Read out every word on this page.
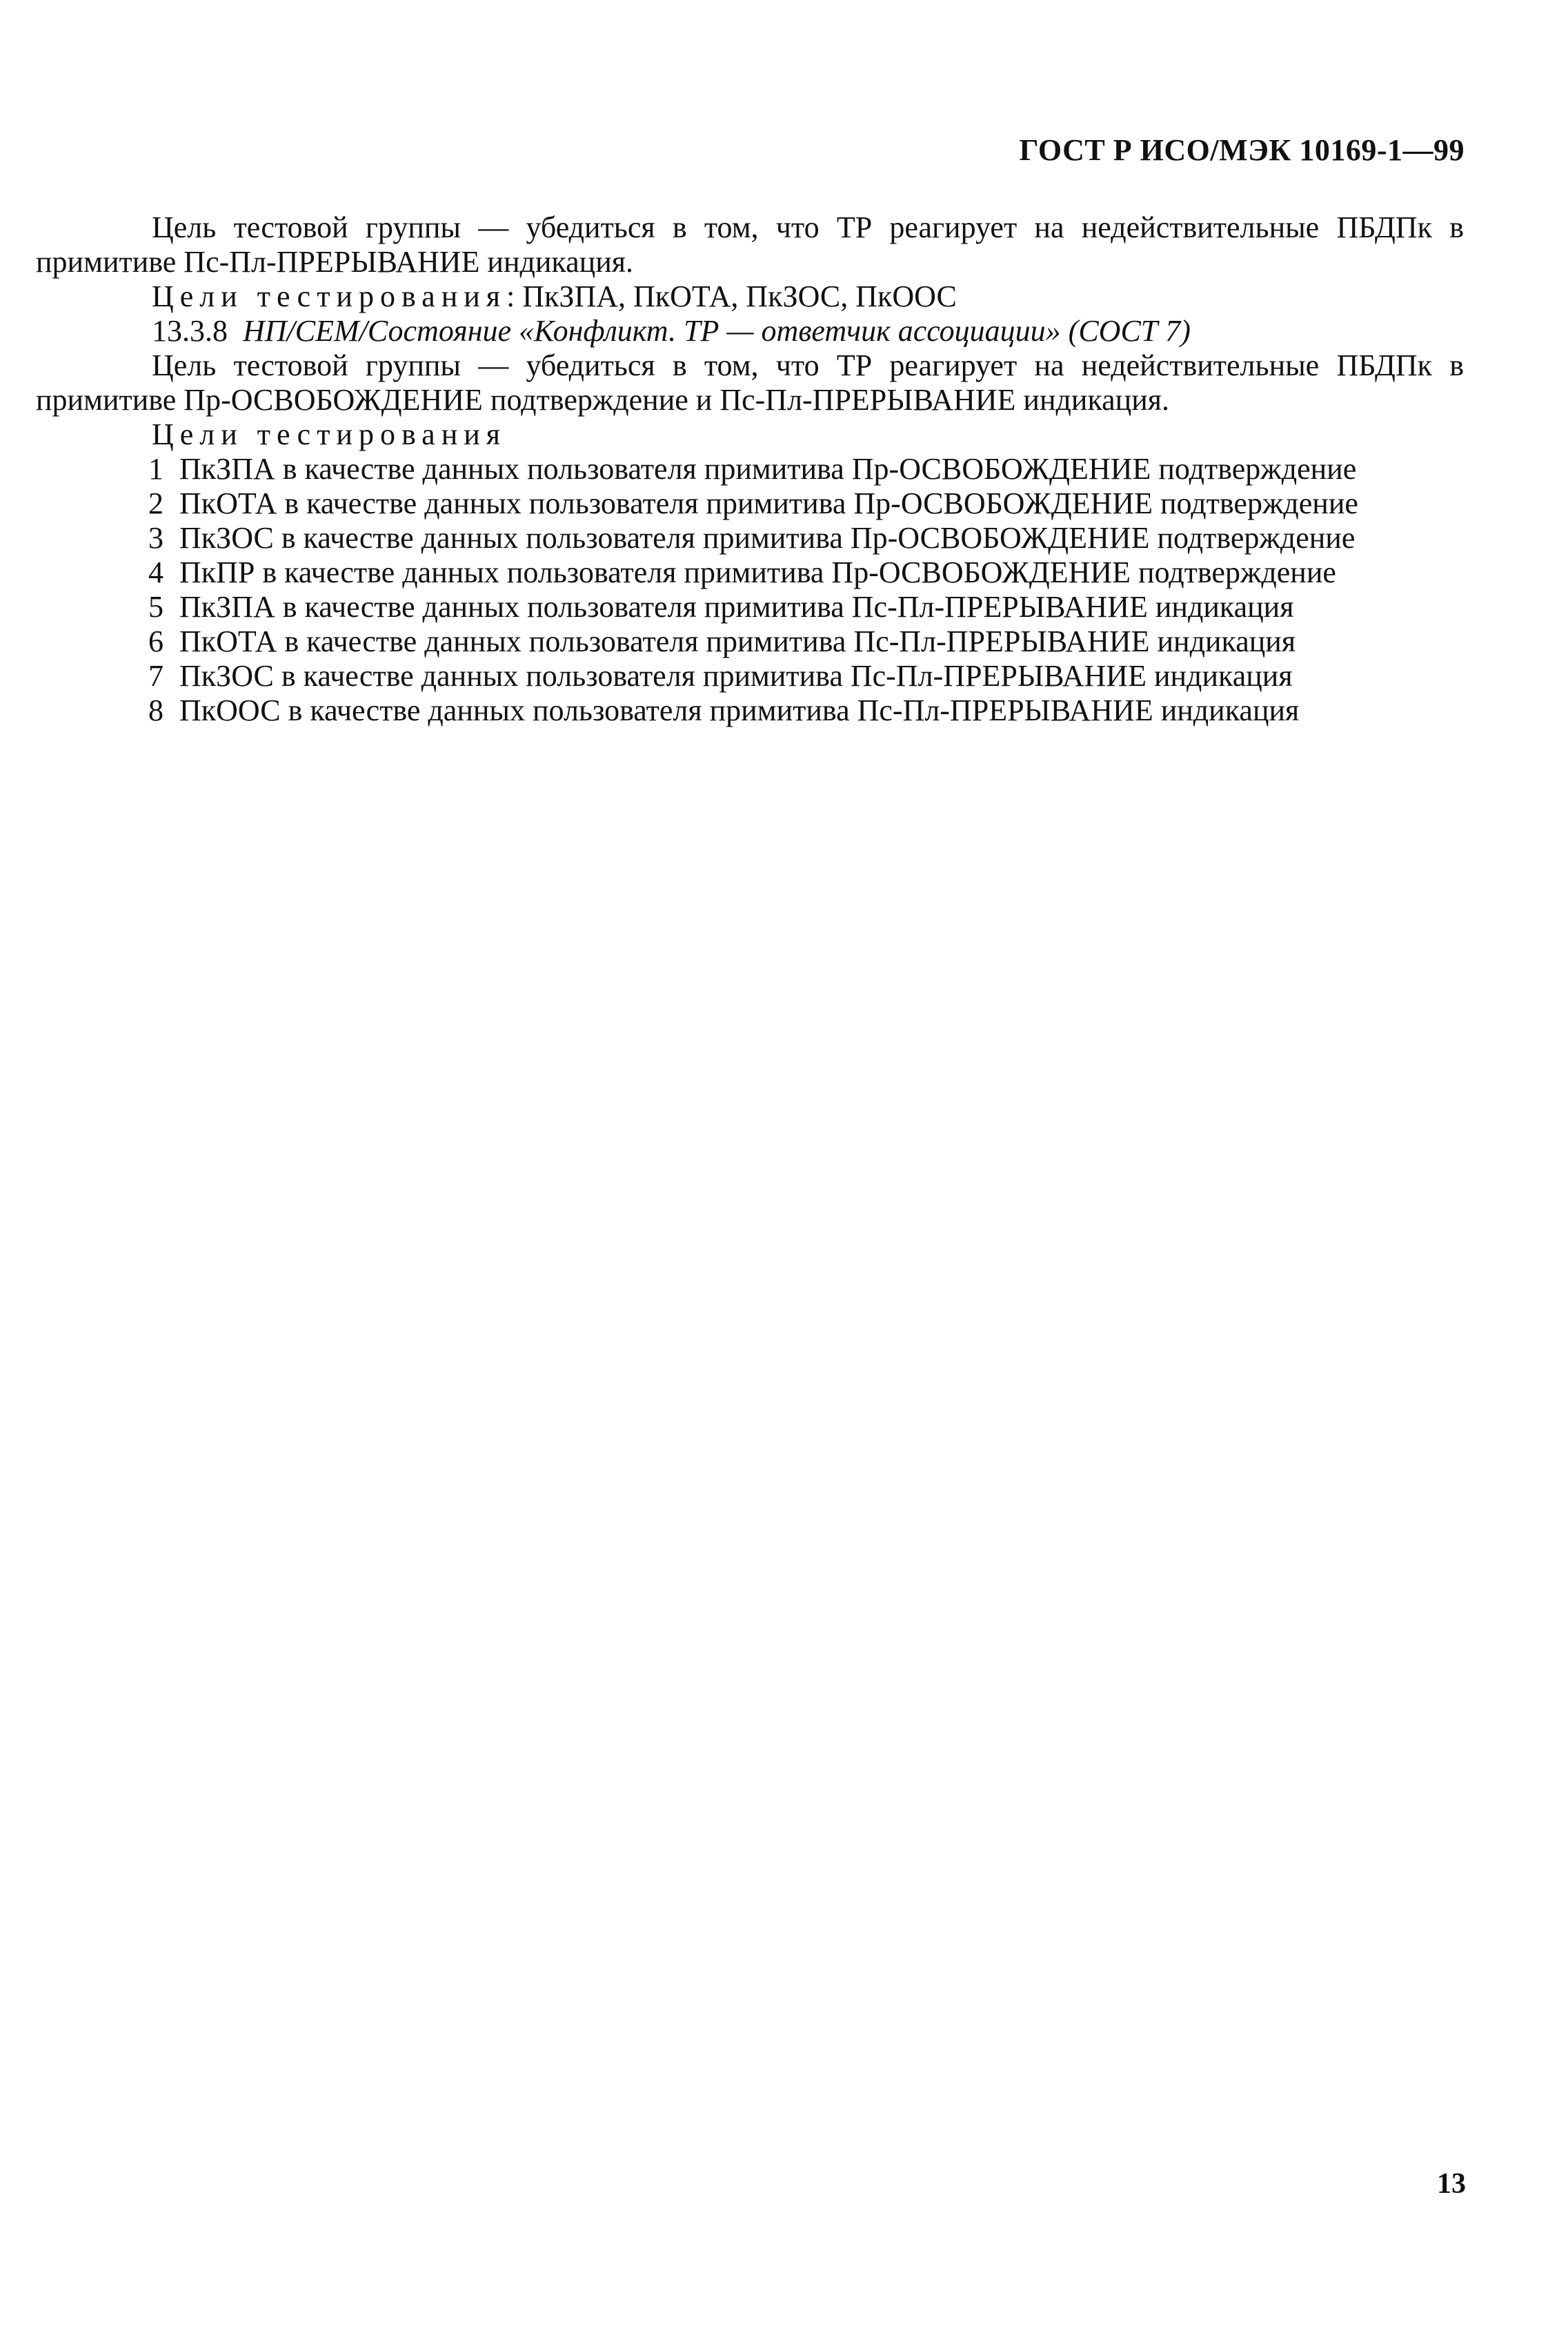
ГОСТ Р ИСО/МЭК 10169-1—99

Цель тестовой группы — убедиться в том, что ТР реагирует на недействительные ПБДПк в примитиве Пс-Пл-ПРЕРЫВАНИЕ индикация.

Цели тестирования: ПкЗПА, ПкОТА, ПкЗОС, ПкООС

13.3.8 НП/СЕМ/Состояние «Конфликт. ТР — ответчик ассоциации» (СОСТ 7)

Цель тестовой группы — убедиться в том, что ТР реагирует на недействительные ПБДПк в примитиве Пр-ОСВОБОЖДЕНИЕ подтверждение и Пс-Пл-ПРЕРЫВАНИЕ индикация.

Цели тестирования

1 ПкЗПА в качестве данных пользователя примитива Пр-ОСВОБОЖДЕНИЕ подтверждение
2 ПкОТА в качестве данных пользователя примитива Пр-ОСВОБОЖДЕНИЕ подтверждение
3 ПкЗОС в качестве данных пользователя примитива Пр-ОСВОБОЖДЕНИЕ подтверждение
4 ПкПР в качестве данных пользователя примитива Пр-ОСВОБОЖДЕНИЕ подтверждение
5 ПкЗПА в качестве данных пользователя примитива Пс-Пл-ПРЕРЫВАНИЕ индикация
6 ПкОТА в качестве данных пользователя примитива Пс-Пл-ПРЕРЫВАНИЕ индикация
7 ПкЗОС в качестве данных пользователя примитива Пс-Пл-ПРЕРЫВАНИЕ индикация
8 ПкООС в качестве данных пользователя примитива Пс-Пл-ПРЕРЫВАНИЕ индикация
13
